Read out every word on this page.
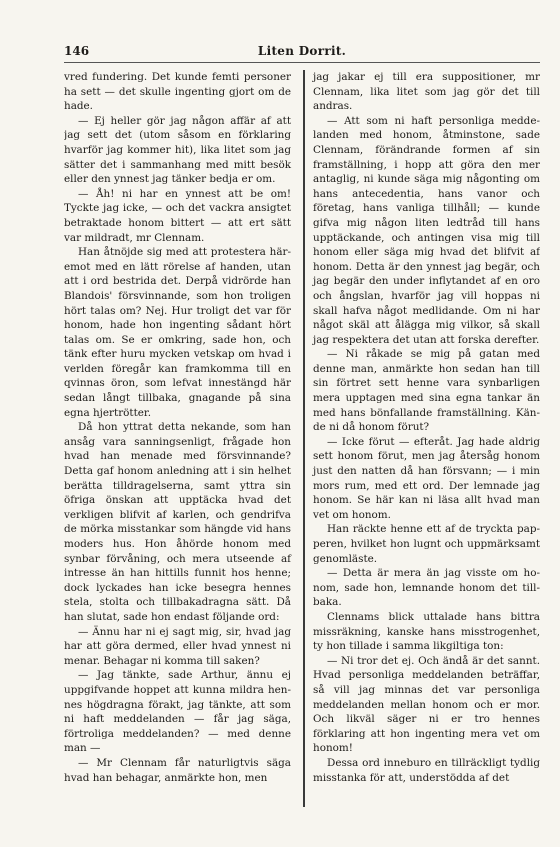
146	Liten Dorrit.

vred fundering. Det kunde femti personer ha sett — det skulle ingenting gjort om de hade.

— Ej heller gör jag någon affär af att jag sett det (utom såsom en förklaring hvarför jag kommer hit), lika litet som jag sätter det i sammanhang med mitt besök eller den ynnest jag tänker bedja er om.

— Åh! ni har en ynnest att be om! Tyckte jag icke, — och det vackra ansigtet betraktade honom bittert — att ert sätt var mildradt, mr Clennam.

Han åtnöjde sig med att protestera häremot med en lätt rörelse af handen, utan att i ord bestrida det. Derpå vidrörde han Blandois' försvinnande, som hon troligen hört talas om? Nej. Hur troligt det var för honom, hade hon ingenting sådant hört talas om. Se er omkring, sade hon, och tänk efter huru mycken vetskap om hvad i verlden föregår kan framkomma till en qvinnas öron, som lefvat innestängd här sedan långt tillbaka, gnagande på sina egna hjertrötter.

Då hon yttrat detta nekande, som han ansåg vara sanningsenligt, frågade hon hvad han menade med försvinnande? Detta gaf honom anledning att i sin helhet berätta tilldragelserna, samt yttra sin öfriga önskan att upptäcka hvad det verkligen blifvit af karlen, och gendrifva de mörka misstankar som hängde vid hans moders hus. Hon åhörde honom med synbar förvåning, och mera utseende af intresse än han hittills funnit hos henne; dock lyckades han icke besegra hennes stela, stolta och tillbakadragna sätt. Då han slutat, sade hon endast följande ord:

— Ännu har ni ej sagt mig, sir, hvad jag har att göra dermed, eller hvad ynnest ni menar. Behagar ni komma till saken?

— Jag tänkte, sade Arthur, ännu ej uppgifvande hoppet att kunna mildra hennes högdragna förakt, jag tänkte, att som ni haft meddelanden — får jag säga, förtroliga meddelanden? — med denne man —

— Mr Clennam får naturligtvis säga hvad han behagar, anmärkte hon, men

jag jakar ej till era suppositioner, mr Clennam, lika litet som jag gör det till andras.

— Att som ni haft personliga meddelanden med honom, åtminstone, sade Clennam, förändrande formen af sin framställning, i hopp att göra den mer antaglig, ni kunde säga mig någonting om hans antecedentia, hans vanor och företag, hans vanliga tillhåll; — kunde gifva mig någon liten ledtråd till hans upptäckande, och antingen visa mig till honom eller säga mig hvad det blifvit af honom. Detta är den ynnest jag begär, och jag begär den under inflytandet af en oro och ångslan, hvarför jag vill hoppas ni skall hafva något medlidande. Om ni har något skäl att ålägga mig vilkor, så skall jag respektera det utan att forska derefter.

— Ni råkade se mig på gatan med denne man, anmärkte hon sedan han till sin förtret sett henne vara synbarligen mera upptagen med sina egna tankar än med hans bönfallande framställning. Kände ni då honom förut?

— Icke förut — efteråt. Jag hade aldrig sett honom förut, men jag återsåg honom just den natten då han försvann; — i min mors rum, med ett ord. Der lemnade jag honom. Se här kan ni läsa allt hvad man vet om honom.

Han räckte henne ett af de tryckta papperen, hvilket hon lugnt och uppmärksamt genomläste.

— Detta är mera än jag visste om honom, sade hon, lemnande honom det tillbaka.

Clennams blick uttalade hans bittra missräkning, kanske hans misstrogenhet, ty hon tillade i samma likgiltiga ton:

— Ni tror det ej. Och ändå är det sannt. Hvad personliga meddelanden beträffar, så vill jag minnas det var personliga meddelanden mellan honom och er mor. Och likväl säger ni er tro hennes förklaring att hon ingenting mera vet om honom!

Dessa ord inneburo en tillräckligt tydlig misstanka för att, understödda af det
